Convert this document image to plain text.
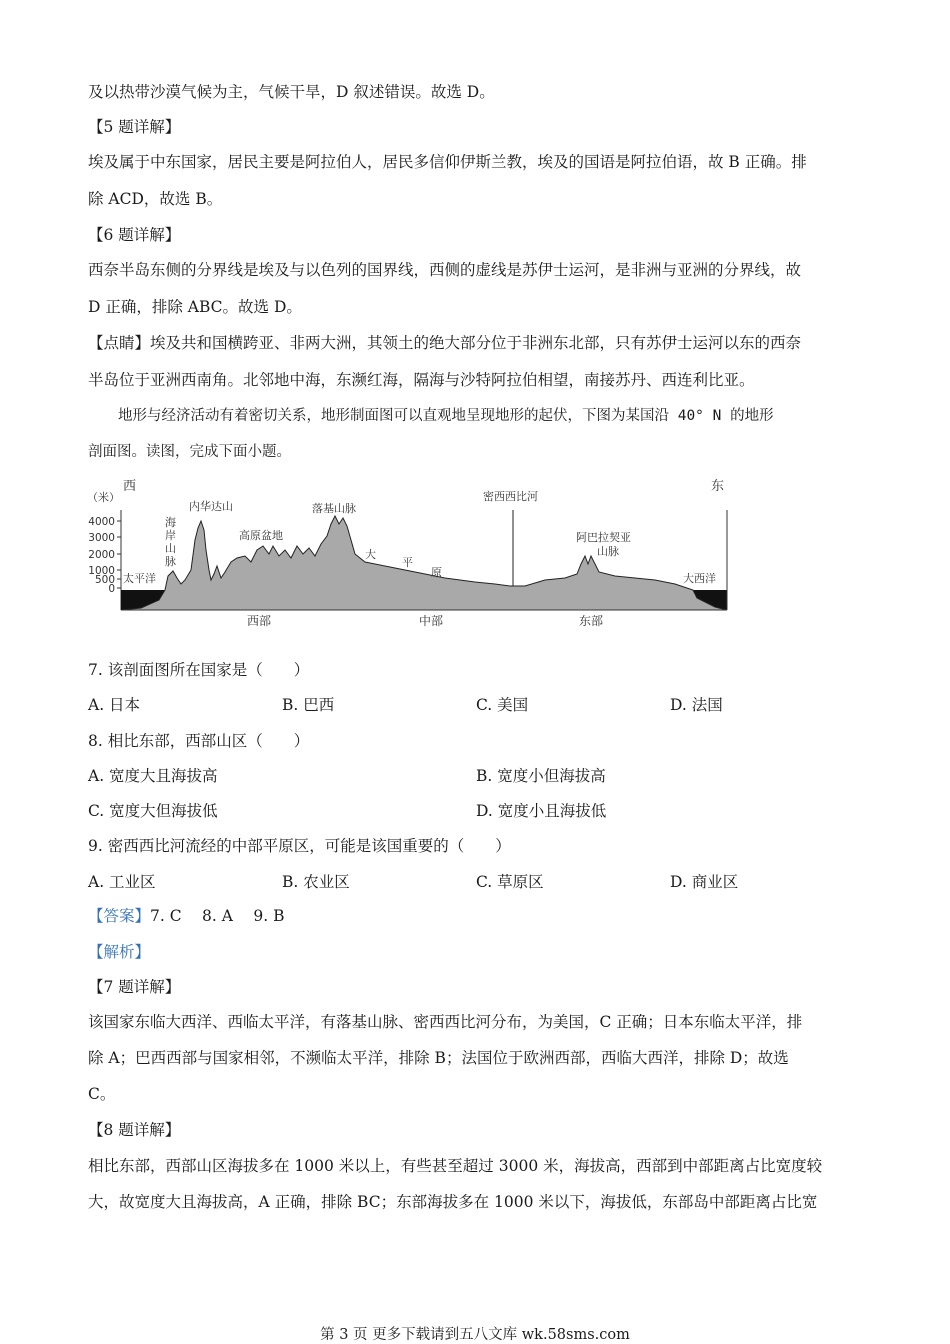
及以热带沙漠气候为主，气候干旱，D 叙述错误。故选 D。
【5 题详解】
埃及属于中东国家，居民主要是阿拉伯人，居民多信仰伊斯兰教，埃及的国语是阿拉伯语，故 B 正确。排
除 ACD，故选 B。
【6 题详解】
西奈半岛东侧的分界线是埃及与以色列的国界线，西侧的虚线是苏伊士运河，是非洲与亚洲的分界线，故
D 正确，排除 ABC。故选 D。
【点睛】埃及共和国横跨亚、非两大洲，其领土的绝大部分位于非洲东北部，只有苏伊士运河以东的西奈
半岛位于亚洲西南角。北邻地中海，东濒红海，隔海与沙特阿拉伯相望，南接苏丹、西连利比亚。
地形与经济活动有着密切关系，地形制面图可以直观地呈现地形的起伏，下图为某国沿 40° N 的地形
剖面图。读图，完成下面小题。
西	东
（米）
4000
3000
2000
1000
500
0
太平洋
海
岸
山
脉
内华达山
高原盆地
落基山脉
大
平
原
密西西比河
阿巴拉契亚
山脉
大西洋
西部	中部	东部
7. 该剖面图所在国家是（　　）
A. 日本	B. 巴西	C. 美国	D. 法国
8. 相比东部，西部山区（　　）
A. 宽度大且海拔高	B. 宽度小但海拔高
C. 宽度大但海拔低	D. 宽度小且海拔低
9. 密西西比河流经的中部平原区，可能是该国重要的（　　）
A. 工业区	B. 农业区	C. 草原区	D. 商业区
【答案】7. C　 8. A　 9. B
【解析】
【7 题详解】
该国家东临大西洋、西临太平洋，有落基山脉、密西西比河分布，为美国，C 正确；日本东临太平洋，排
除 A；巴西西部与国家相邻，不濒临太平洋，排除 B；法国位于欧洲西部，西临大西洋，排除 D；故选
C。
【8 题详解】
相比东部，西部山区海拔多在 1000 米以上，有些甚至超过 3000 米，海拔高，西部到中部距离占比宽度较
大，故宽度大且海拔高，A 正确，排除 BC；东部海拔多在 1000 米以下，海拔低，东部岛中部距离占比宽
第 3 页 更多下载请到五八文库 wk.58sms.com
